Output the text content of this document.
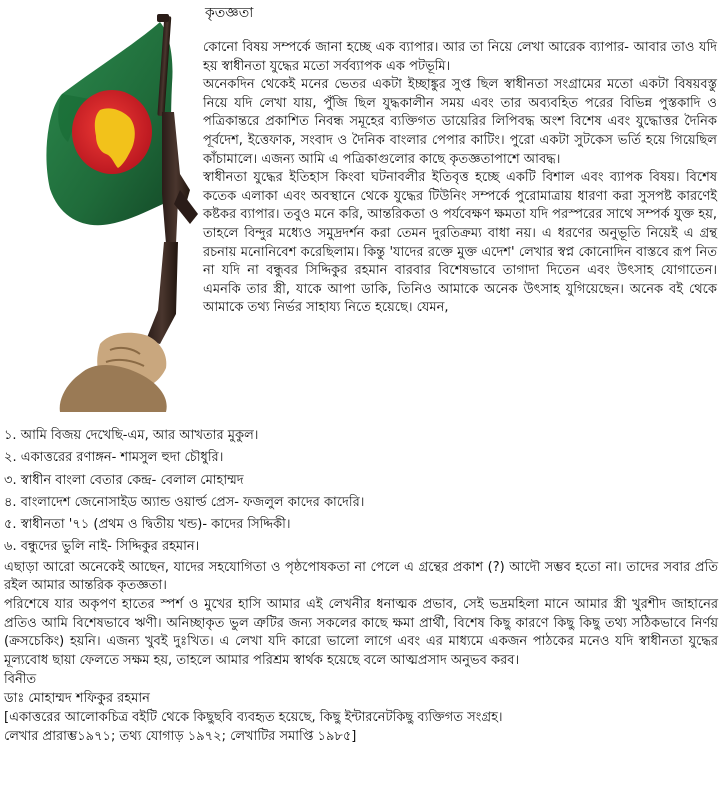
কৃতজ্ঞতা

কোনো বিষয় সম্পর্কে জানা হচ্ছে এক ব্যাপার। আর তা নিয়ে লেখা আরেক ব্যাপার- আবার তাও যদি হয় স্বাধীনতা যুদ্ধের মতো সর্বব্যাপক এক পটভূমি।

অনেকদিন থেকেই মনের ভেতর একটা ইচ্ছাঙ্কুর সুপ্ত ছিল স্বাধীনতা সংগ্রামের মতো একটা বিষয়বস্তু নিয়ে যদি লেখা যায়, পুঁজি ছিল যুদ্ধকালীন সময় এবং তার অব্যবহিত পরের বিভিন্ন পুস্তকাদি ও পত্রিকান্তরে প্রকাশিত নিবন্ধ সমূহের ব্যক্তিগত ডায়েরির লিপিবদ্ধ অংশ বিশেষ এবং যুদ্ধোত্তর দৈনিক পূর্বদেশ, ইত্তেফাক, সংবাদ ও দৈনিক বাংলার পেপার কাটিং। পুরো একটা সুটকেস ভর্তি হয়ে গিয়েছিল কাঁচামালে। এজন্য আমি এ পত্রিকাগুলোর কাছে কৃতজ্ঞতাপাশে আবদ্ধ।

স্বাধীনতা যুদ্ধের ইতিহাস কিংবা ঘটনাবলীর ইতিবৃত্ত হচ্ছে একটি বিশাল এবং ব্যাপক বিষয়। বিশেষ কতেক এলাকা এবং অবস্থানে থেকে যুদ্ধের টিউনিং সম্পর্কে পুরোমাত্রায় ধারণা করা সুসপষ্ট কারণেই কষ্টকর ব্যাপার। তবুও মনে করি, আন্তরিকতা ও পর্যবেক্ষণ ক্ষমতা যদি পরস্পরের সাথে সম্পর্ক যুক্ত হয়, তাহলে বিন্দুর মধ্যেও সমুদ্রদর্শন করা তেমন দুরতিক্রম্য বাধা নয়। এ ধরণের অনুভূতি নিয়েই এ গ্রন্থ রচনায় মনোনিবেশ করেছিলাম। কিন্তু 'যাদের রক্তে মুক্ত এদেশ' লেখার স্বপ্ন কোনোদিন বাস্তবে রূপ নিত না যদি না বন্ধুবর সিদ্দিকুর রহমান বারবার বিশেষভাবে তাগাদা দিতেন এবং উৎসাহ যোগাতেন। এমনকি তার স্ত্রী, যাকে আপা ডাকি, তিনিও আমাকে অনেক উৎসাহ যুগিয়েছেন। অনেক বই থেকে আমাকে তথ্য নির্ভর সাহায্য নিতে হয়েছে। যেমন,

১. আমি বিজয় দেখেছি-এম, আর আখতার মুকুল।
২. একাত্তরের রণাঙ্গন- শামসুল হুদা চৌধুরি।
৩. স্বাধীন বাংলা বেতার কেন্দ্র- বেলাল মোহাম্মদ
৪. বাংলাদেশ জেনোসাইড অ্যান্ড ওয়ার্ল্ড প্রেস- ফজলুল কাদের কাদেরি।
৫. স্বাধীনতা '৭১ (প্রথম ও দ্বিতীয় খন্ড)- কাদের সিদ্দিকী।
৬. বন্ধুদের ভুলি নাই- সিদ্দিকুর রহমান।

এছাড়া আরো অনেকেই আছেন, যাদের সহযোগিতা ও পৃষ্ঠপোষকতা না পেলে এ গ্রন্থের প্রকাশ (?) আদৌ সম্ভব হতো না। তাদের সবার প্রতি রইল আমার আন্তরিক কৃতজ্ঞতা।

পরিশেষে যার অকৃপণ হাতের স্পর্শ ও মুখের হাসি আমার এই লেখনীর ধনাত্মক প্রভাব, সেই ভদ্রমহিলা মানে আমার স্ত্রী খুরশীদ জাহানের প্রতিও আমি বিশেষভাবে ঋণী। অনিচ্ছাকৃত ভুল ত্রুটির জন্য সকলের কাছে ক্ষমা প্রার্থী, বিশেষ কিছু কারণে কিছু কিছু তথ্য সঠিকভাবে নির্ণয় (ক্রসচেকিং) হয়নি। এজন্য খুবই দুঃখিত। এ লেখা যদি কারো ভালো লাগে এবং এর মাধ্যমে একজন পাঠকের মনেও যদি স্বাধীনতা যুদ্ধের মূল্যবোধ ছায়া ফেলতে সক্ষম হয়, তাহলে আমার পরিশ্রম স্বার্থক হয়েছে বলে আত্মপ্রসাদ অনুভব করব।

বিনীত

ডাঃ মোহাম্মদ শফিকুর রহমান

[একাত্তরের আলোকচিত্র বইটি থেকে কিছুছবি ব্যবহৃত হয়েছে, কিছু ইন্টারনেটকিছু ব্যক্তিগত সংগ্রহ।

লেখার প্রারাম্ভ১৯৭১; তথ্য যোগাড় ১৯৭২; লেখাটির সমাপ্তি ১৯৮৫]
